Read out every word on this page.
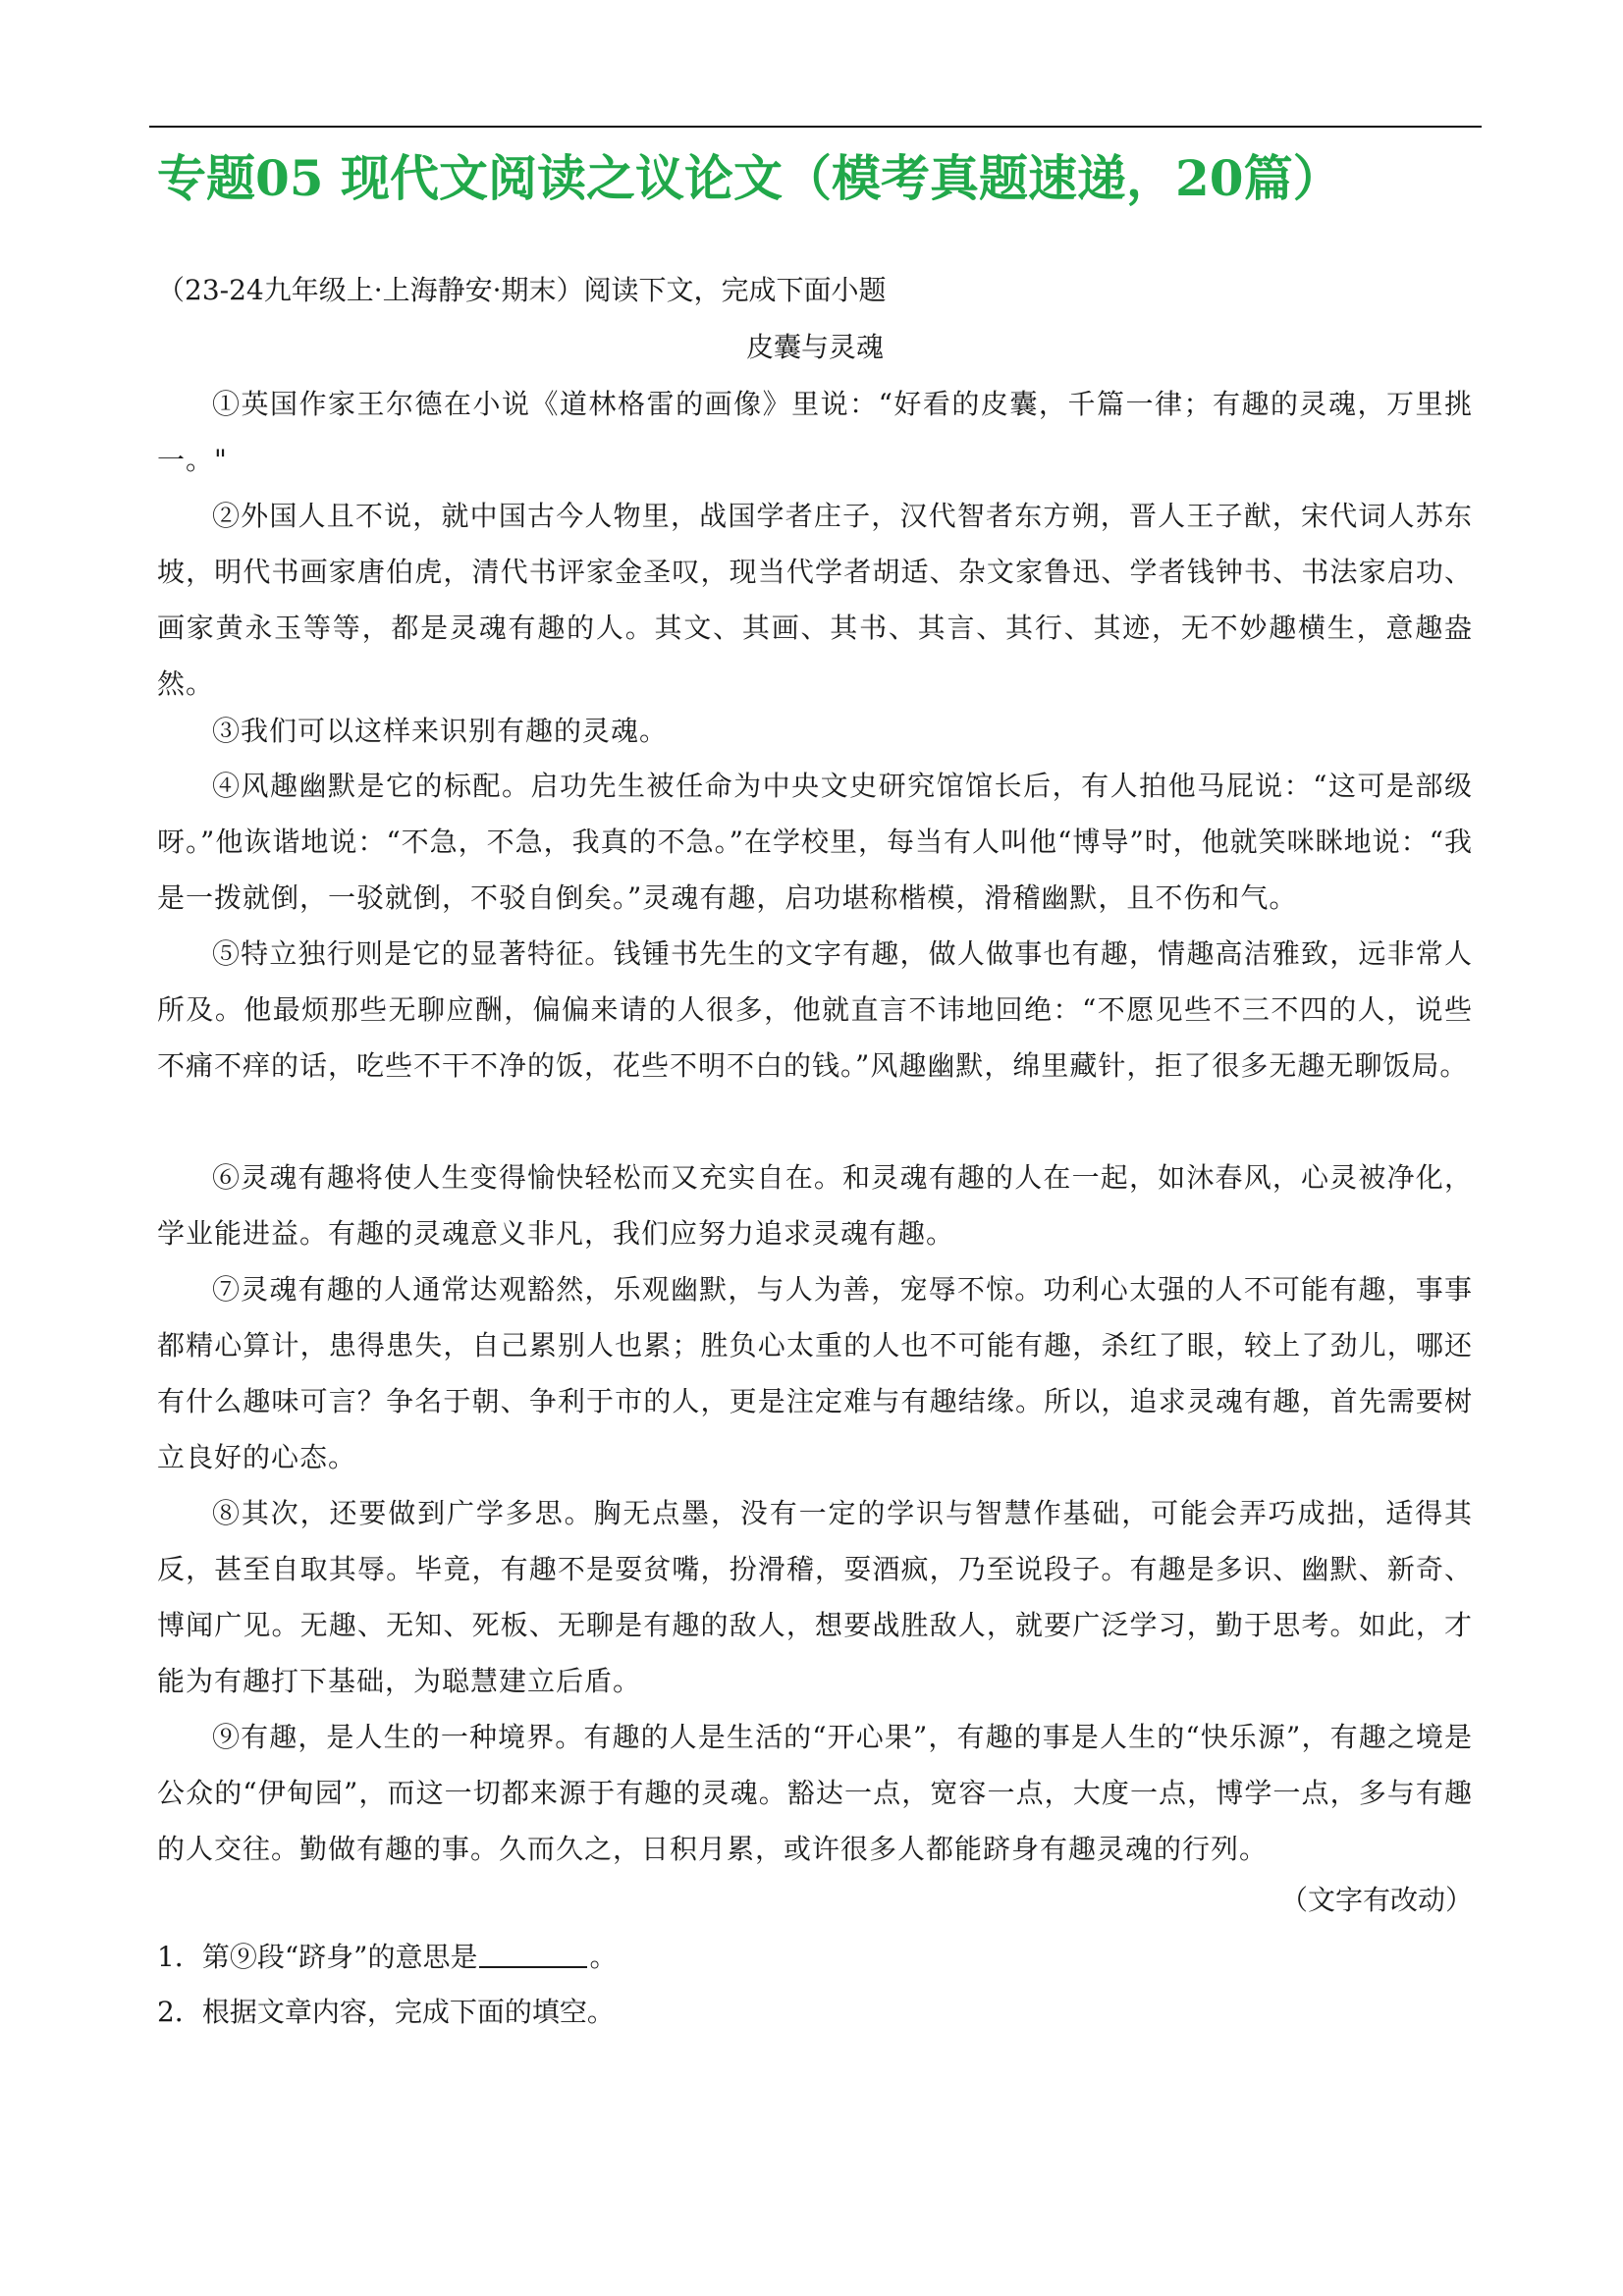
专题05 现代文阅读之议论文（模考真题速递，20篇）
（23-24九年级上·上海静安·期末）阅读下文，完成下面小题
皮囊与灵魂
①英国作家王尔德在小说《道林格雷的画像》里说：“好看的皮囊，千篇一律；有趣的灵魂，万里挑一。"
②外国人且不说，就中国古今人物里，战国学者庄子，汉代智者东方朔，晋人王子猷，宋代词人苏东坡，明代书画家唐伯虎，清代书评家金圣叹，现当代学者胡适、杂文家鲁迅、学者钱钟书、书法家启功、画家黄永玉等等，都是灵魂有趣的人。其文、其画、其书、其言、其行、其迹，无不妙趣横生，意趣盎然。
③我们可以这样来识别有趣的灵魂。
④风趣幽默是它的标配。启功先生被任命为中央文史研究馆馆长后，有人拍他马屁说：“这可是部级呀。”他诙谐地说：“不急，不急，我真的不急。”在学校里，每当有人叫他“博导”时，他就笑咪眯地说：“我是一拨就倒，一驳就倒，不驳自倒矣。”灵魂有趣，启功堪称楷模，滑稽幽默，且不伤和气。
⑤特立独行则是它的显著特征。钱锺书先生的文字有趣，做人做事也有趣，情趣高洁雅致，远非常人所及。他最烦那些无聊应酬，偏偏来请的人很多，他就直言不讳地回绝：“不愿见些不三不四的人，说些不痛不痒的话，吃些不干不净的饭，花些不明不白的钱。”风趣幽默，绵里藏针，拒了很多无趣无聊饭局。
⑥灵魂有趣将使人生变得愉快轻松而又充实自在。和灵魂有趣的人在一起，如沐春风，心灵被净化，学业能进益。有趣的灵魂意义非凡，我们应努力追求灵魂有趣。
⑦灵魂有趣的人通常达观豁然，乐观幽默，与人为善，宠辱不惊。功利心太强的人不可能有趣，事事都精心算计，患得患失，自己累别人也累；胜负心太重的人也不可能有趣，杀红了眼，较上了劲儿，哪还有什么趣味可言？争名于朝、争利于市的人，更是注定难与有趣结缘。所以，追求灵魂有趣，首先需要树立良好的心态。
⑧其次，还要做到广学多思。胸无点墨，没有一定的学识与智慧作基础，可能会弄巧成拙，适得其反，甚至自取其辱。毕竟，有趣不是耍贫嘴，扮滑稽，耍酒疯，乃至说段子。有趣是多识、幽默、新奇、博闻广见。无趣、无知、死板、无聊是有趣的敌人，想要战胜敌人，就要广泛学习，勤于思考。如此，才能为有趣打下基础，为聪慧建立后盾。
⑨有趣，是人生的一种境界。有趣的人是生活的“开心果”，有趣的事是人生的“快乐源”，有趣之境是公众的“伊甸园”，而这一切都来源于有趣的灵魂。豁达一点，宽容一点，大度一点，博学一点，多与有趣的人交往。勤做有趣的事。久而久之，日积月累，或许很多人都能跻身有趣灵魂的行列。
（文字有改动）
1．第⑨段“跻身”的意思是	。
2．根据文章内容，完成下面的填空。
